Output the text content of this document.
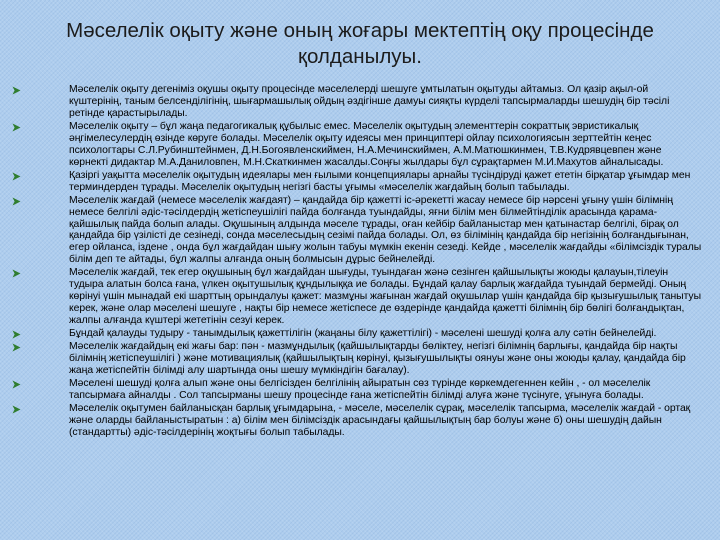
Мәселелік оқыту және оның жоғары мектептің оқу процесінде қолданылуы.
Мәселелік оқыту дегеніміз оқушы оқыту процесінде мәселелерді шешуге ұмтылатын оқытуды айтамыз. Ол қазір ақыл-ой күштерінің, таным белсенділігінің, шығармашылық ойдың әздігінше дамуы сияқты күрделі тапсырмаларды шешудің бір тәсілі ретінде қарастырылады.
Мәселелік оқыту – бұл жаңа педагогикалық құбылыс емес. Мәселелік оқытудың элементтерін сократтық эвристикалық әңгімелесулердің өзінде көруге болады. Мәселелік оқыту идеясы мен принциптері ойлау психологиясын зерттейтін кеңес психологтары С.Л.Рубинштейнмен, Д.Н.Богоявленскиймен, Н.А.Мечинскиймен, А.М.Матюшкинмен, Т.В.Кудрявцевпен және көрнекті дидактар М.А.Даниловпен, М.Н.Скаткинмен жасалды.Соңғы жылдары бұл сұрақтармен М.И.Махутов айналысады.
Қазіргі уақытта мәселелік оқытудың идеялары мен ғылыми концепциялары арнайы түсіндіруді қажет ететін бірқатар ұғымдар мен терминдерден тұрады. Мәселелік оқытудың негізгі басты ұғымы «мәселелік жағдайың болып табылады.
Мәселелік жағдай (немесе мәселелік жағдаят) – қандайда бір қажетті іс-әрекетті жасау немесе бір нәрсені ұғыну үшін білімнің немесе белгілі әдіс-тәсілдердің жетіспеушілігі пайда болғанда туындайды, яғни білім мен білмейтінділік арасында қарама-қайшылық пайда болып алады. Оқушының алдында мәселе тұрады, оған кейбір байланыстар мен қатынастар белгілі, бірақ ол қандайда бір үзілісті де сезінеді, сонда мәселесыдың сезімі пайда болады. Ол, өз білімінің қандайда бір негізінің болғандығынан, егер ойланса, іздене , онда бұл жағдайдан шығу жолын табуы мүмкін екенін сезеді. Кейде , мәселелік жағдайды «білімсіздік туралы білім деп те айтады, бұл жалпы алғанда оның болмысын дұрыс бейнелейді.
Мәселелік жағдай, тек егер оқушының бұл жағдайдан шығуды, туындаған жәнә сезінген қайшылықты жоюды қалауын,тілеуін тудыра алатын болса ғана, үлкен оқытушылық құндылыққа ие болады. Бұндай қалау барлық жағдайда туындай бермейді. Оның көрінуі үшін мынадай екі шарттың орындалуы қажет: мазмұны жағынан жағдай оқушылар үшін қандайда бір қызығушылық танытуы керек, және олар мәселені шешуге , нақты бір немесе жетіспесе де өздерінде қандайда қажетті білімнің бір бөлігі болғандықтан, жалпы алғанда күштері жететінін сезуі керек.
Бұндай қалауды тудыру - танымдылық қажеттілігін (жаңаны білу қажеттілігі) - мәселені шешуді қолға алу сәтін бейнелейді.
Мәселелік жағдайдың екі жағы бар: пән - мазмұндылық (қайшылықтарды бөліктеу, негізгі білімнің барлығы, қандайда бір нақты білімнің жетіспеушілігі ) және мотивациялық (қайшылықтың көрінуі, қызығушылықты оянуы және оны жоюды қалау, қандайда бір жаңа жетіспейтін білімді алу шартында оны шешу мүмкіндігін бағалау).
Мәселені шешуді қолға алып және оны белгісізден белгілінің айыратын сөз түрінде көркемдегеннен кейін , - ол мәселелік тапсырмаға айналды . Сол тапсырманы шешу процесінде ғана жетіспейтін білімді алуға және түсінуге, ұғынуға болады.
Мәселелік оқытумен байланысқан барлық ұғымдарына, - мәселе, мәселелік сұрақ, мәселелік тапсырма, мәселелік жағдай - ортақ және оларды байланыстыратын : а) білім мен білімсіздік арасындағы қайшылықтың бар болуы және б) оны шешудің дайын (стандартты) әдіс-тәсілдерінің жоқтығы болып табылады.
